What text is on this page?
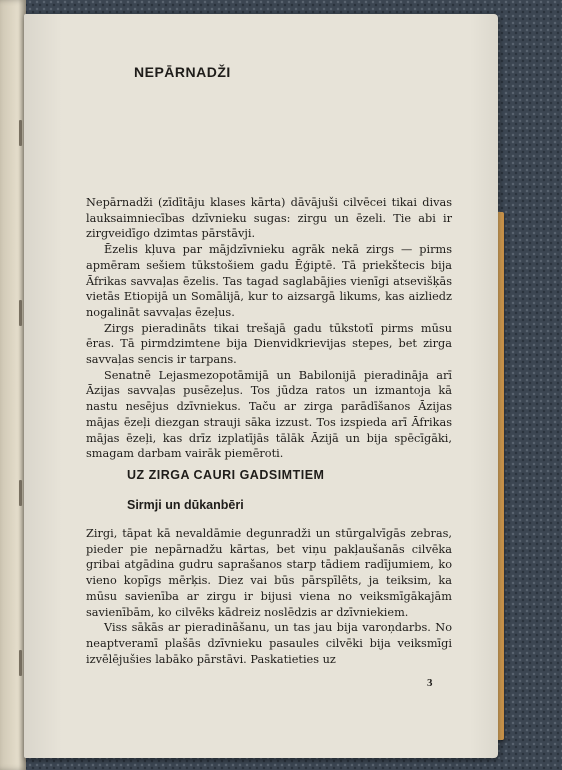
NEPĀRNADŽI

Nepārnadži (zīdītāju klases kārta) dāvājuši cilvēcei tikai divas lauksaimniecības dzīvnieku sugas: zirgu un ēzeli. Tie abi ir zirgveidīgo dzimtas pārstāvji.

Ēzelis kļuva par mājdzīvnieku agrāk nekā zirgs — pirms apmēram sešiem tūkstošiem gadu Ēģiptē. Tā priekštecis bija Āfrikas savvaļas ēzelis. Tas tagad saglabājies vienīgi atsevišķās vietās Etiopijā un Somālijā, kur to aizsargā likums, kas aizliedz nogalināt savvaļas ēzeļus.

Zirgs pieradināts tikai trešajā gadu tūkstotī pirms mūsu ēras. Tā pirmdzimtene bija Dienvidkrievijas stepes, bet zirga savvaļas sencis ir tarpans.

Senatnē Lejasmezopotāmijā un Babilonijā pieradināja arī Āzijas savvaļas pusēzeļus. Tos jūdza ratos un izmantoja kā nastu nesējus dzīvniekus. Taču ar zirga parādīšanos Āzijas mājas ēzeļi diezgan strauji sāka izzust. Tos izspieda arī Āfrikas mājas ēzeļi, kas drīz izplatījās tālāk Āzijā un bija spēcīgāki, smagam darbam vairāk piemēroti.

UZ ZIRGA CAURI GADSIMTIEM
Sirmji un dūkanbēri

Zirgi, tāpat kā nevaldāmie degunradži un stūrgalvīgās zebras, pieder pie nepārnadžu kārtas, bet viņu pakļaušanās cilvēka gribai atgādina gudru saprašanos starp tādiem radījumiem, ko vieno kopīgs mērķis. Diez vai būs pārspīlēts, ja teiksim, ka mūsu savienība ar zirgu ir bijusi viena no veiksmīgākajām savienībām, ko cilvēks kādreiz noslēdzis ar dzīvniekiem.

Viss sākās ar pieradināšanu, un tas jau bija varoņdarbs. No neaptveramī plašās dzīvnieku pasaules cilvēki bija veiksmīgi izvēlējušies labāko pārstāvi. Paskatieties uz

3
